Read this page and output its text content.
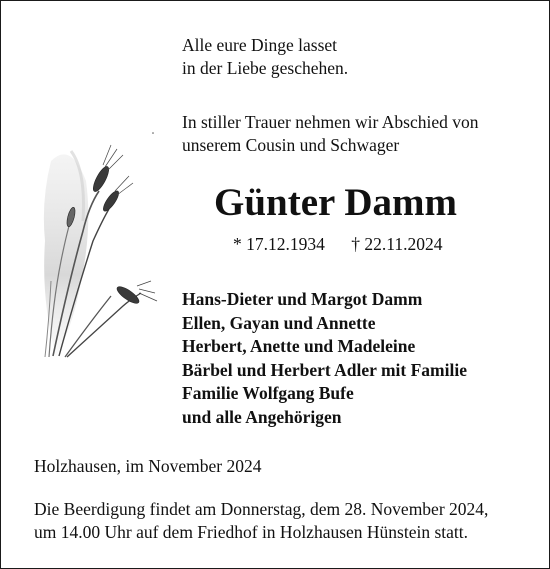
Alle eure Dinge lasset
in der Liebe geschehen.
In stiller Trauer nehmen wir Abschied von
unserem Cousin und Schwager
Günter Damm
* 17.12.1934 † 22.11.2024
Hans-Dieter und Margot Damm
Ellen, Gayan und Annette
Herbert, Anette und Madeleine
Bärbel und Herbert Adler mit Familie
Familie Wolfgang Bufe
und alle Angehörigen
Holzhausen, im November 2024
Die Beerdigung findet am Donnerstag, dem 28. November 2024,
um 14.00 Uhr auf dem Friedhof in Holzhausen Hünstein statt.
